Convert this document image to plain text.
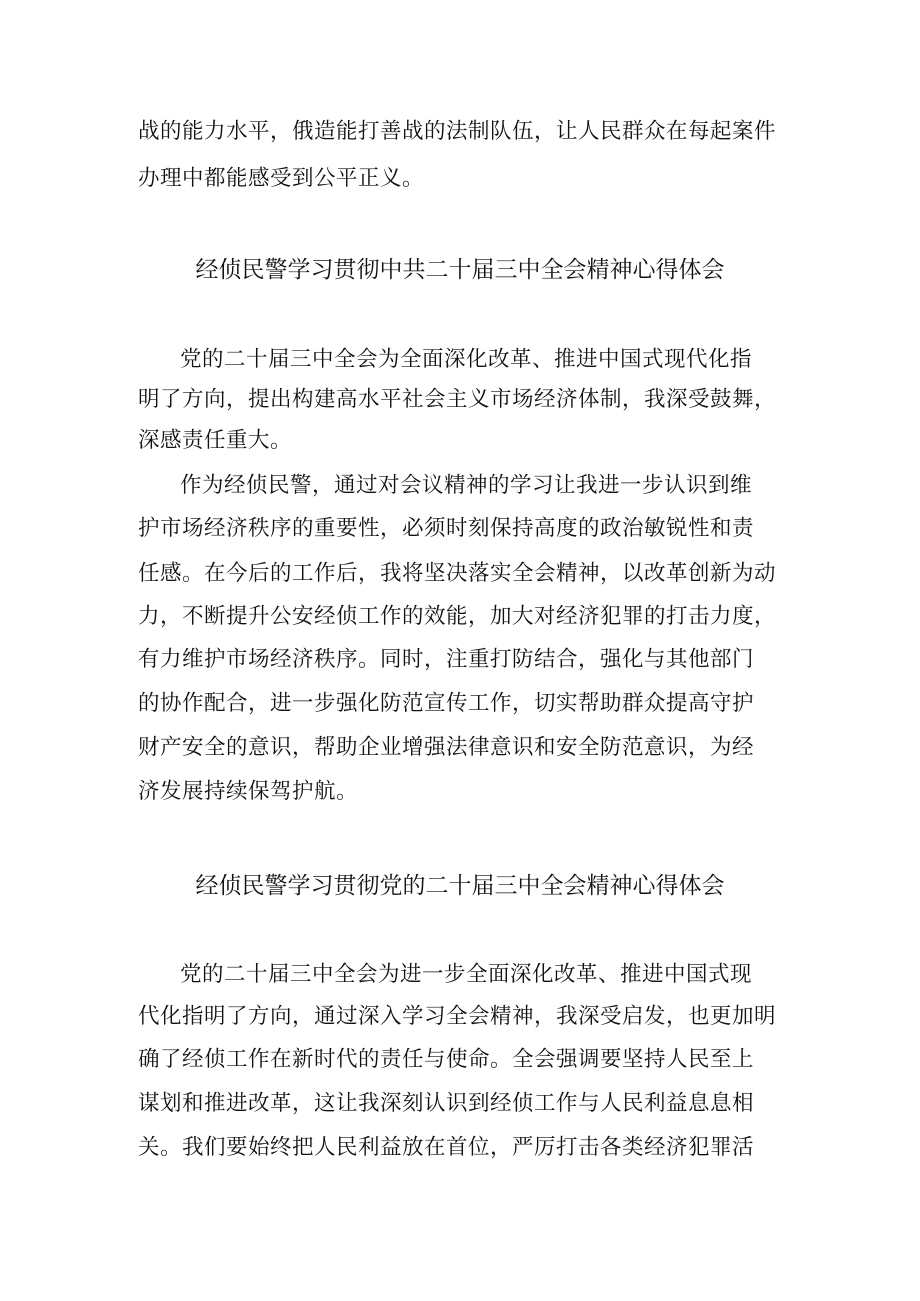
战的能力水平，俄造能打善战的法制队伍，让人民群众在每起案件
办理中都能感受到公平正义。
经侦民警学习贯彻中共二十届三中全会精神心得体会
党的二十届三中全会为全面深化改革、推进中国式现代化指
明了方向，提出构建高水平社会主义市场经济体制，我深受鼓舞，
深感责任重大。
作为经侦民警，通过对会议精神的学习让我进一步认识到维
护市场经济秩序的重要性，必须时刻保持高度的政治敏锐性和责
任感。在今后的工作后，我将坚决落实全会精神，以改革创新为动
力，不断提升公安经侦工作的效能，加大对经济犯罪的打击力度，
有力维护市场经济秩序。同时，注重打防结合，强化与其他部门
的协作配合，进一步强化防范宣传工作，切实帮助群众提高守护
财产安全的意识，帮助企业增强法律意识和安全防范意识，为经
济发展持续保驾护航。
经侦民警学习贯彻党的二十届三中全会精神心得体会
党的二十届三中全会为进一步全面深化改革、推进中国式现
代化指明了方向，通过深入学习全会精神，我深受启发，也更加明
确了经侦工作在新时代的责任与使命。全会强调要坚持人民至上
谋划和推进改革，这让我深刻认识到经侦工作与人民利益息息相
关。我们要始终把人民利益放在首位，严厉打击各类经济犯罪活
